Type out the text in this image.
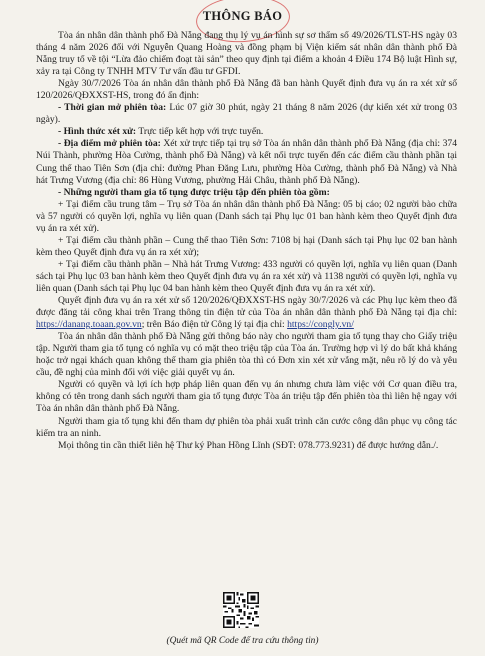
THÔNG BÁO

Tòa án nhân dân thành phố Đà Nẵng đang thụ lý vụ án hình sự sơ thẩm số 49/2026/TLST-HS ngày 03 tháng 4 năm 2026 đối với Nguyễn Quang Hoàng và đồng phạm bị Viện kiểm sát nhân dân thành phố Đà Nẵng truy tố về tội “Lừa đảo chiếm đoạt tài sản” theo quy định tại điểm a khoản 4 Điều 174 Bộ luật Hình sự, xảy ra tại Công ty TNHH MTV Tư vấn đầu tư GFDI.

Ngày 30/7/2026 Tòa án nhân dân thành phố Đà Nẵng đã ban hành Quyết định đưa vụ án ra xét xử số 120/2026/QĐXXST-HS, trong đó ấn định:

- Thời gian mở phiên tòa: Lúc 07 giờ 30 phút, ngày 21 tháng 8 năm 2026 (dự kiến xét xử trong 03 ngày).

- Hình thức xét xử: Trực tiếp kết hợp với trực tuyến.

- Địa điểm mở phiên tòa: Xét xử trực tiếp tại trụ sở Tòa án nhân dân thành phố Đà Nẵng (địa chỉ: 374 Núi Thành, phường Hòa Cường, thành phố Đà Nẵng) và kết nối trực tuyến đến các điểm cầu thành phần tại Cung thể thao Tiên Sơn (địa chỉ: đường Phan Đăng Lưu, phường Hòa Cường, thành phố Đà Nẵng) và Nhà hát Trưng Vương (địa chỉ: 86 Hùng Vương, phường Hải Châu, thành phố Đà Nẵng).

- Những người tham gia tố tụng được triệu tập đến phiên tòa gồm:

+ Tại điểm cầu trung tâm – Trụ sở Tòa án nhân dân thành phố Đà Nẵng: 05 bị cáo; 02 người bào chữa và 57 người có quyền lợi, nghĩa vụ liên quan (Danh sách tại Phụ lục 01 ban hành kèm theo Quyết định đưa vụ án ra xét xử).

+ Tại điểm cầu thành phần – Cung thể thao Tiên Sơn: 7108 bị hại (Danh sách tại Phụ lục 02 ban hành kèm theo Quyết định đưa vụ án ra xét xử);

+ Tại điểm cầu thành phần – Nhà hát Trưng Vương: 433 người có quyền lợi, nghĩa vụ liên quan (Danh sách tại Phụ lục 03 ban hành kèm theo Quyết định đưa vụ án ra xét xử) và 1138 người có quyền lợi, nghĩa vụ liên quan (Danh sách tại Phụ lục 04 ban hành kèm theo Quyết định đưa vụ án ra xét xử).

Quyết định đưa vụ án ra xét xử số 120/2026/QĐXXST-HS ngày 30/7/2026 và các Phụ lục kèm theo đã được đăng tải công khai trên Trang thông tin điện tử của Tòa án nhân dân thành phố Đà Nẵng tại địa chỉ: https://danang.toaan.gov.vn; trên Báo điện tử Công lý tại địa chỉ: https://congly.vn/

Tòa án nhân dân thành phố Đà Nẵng gửi thông báo này cho người tham gia tố tụng thay cho Giấy triệu tập. Người tham gia tố tụng có nghĩa vụ có mặt theo triệu tập của Tòa án. Trường hợp vì lý do bất khả kháng hoặc trở ngại khách quan không thể tham gia phiên tòa thì có Đơn xin xét xử vắng mặt, nêu rõ lý do và yêu cầu, đề nghị của mình đối với việc giải quyết vụ án.

Người có quyền và lợi ích hợp pháp liên quan đến vụ án nhưng chưa làm việc với Cơ quan điều tra, không có tên trong danh sách người tham gia tố tụng được Tòa án triệu tập đến phiên tòa thì liên hệ ngay với Tòa án nhân dân thành phố Đà Nẵng.

Người tham gia tố tụng khi đến tham dự phiên tòa phải xuất trình căn cước công dân phục vụ công tác kiểm tra an ninh.

Mọi thông tin cần thiết liên hệ Thư ký Phan Hồng Lĩnh (SĐT: 078.773.9231) để được hướng dẫn./.

(Quét mã QR Code để tra cứu thông tin)
